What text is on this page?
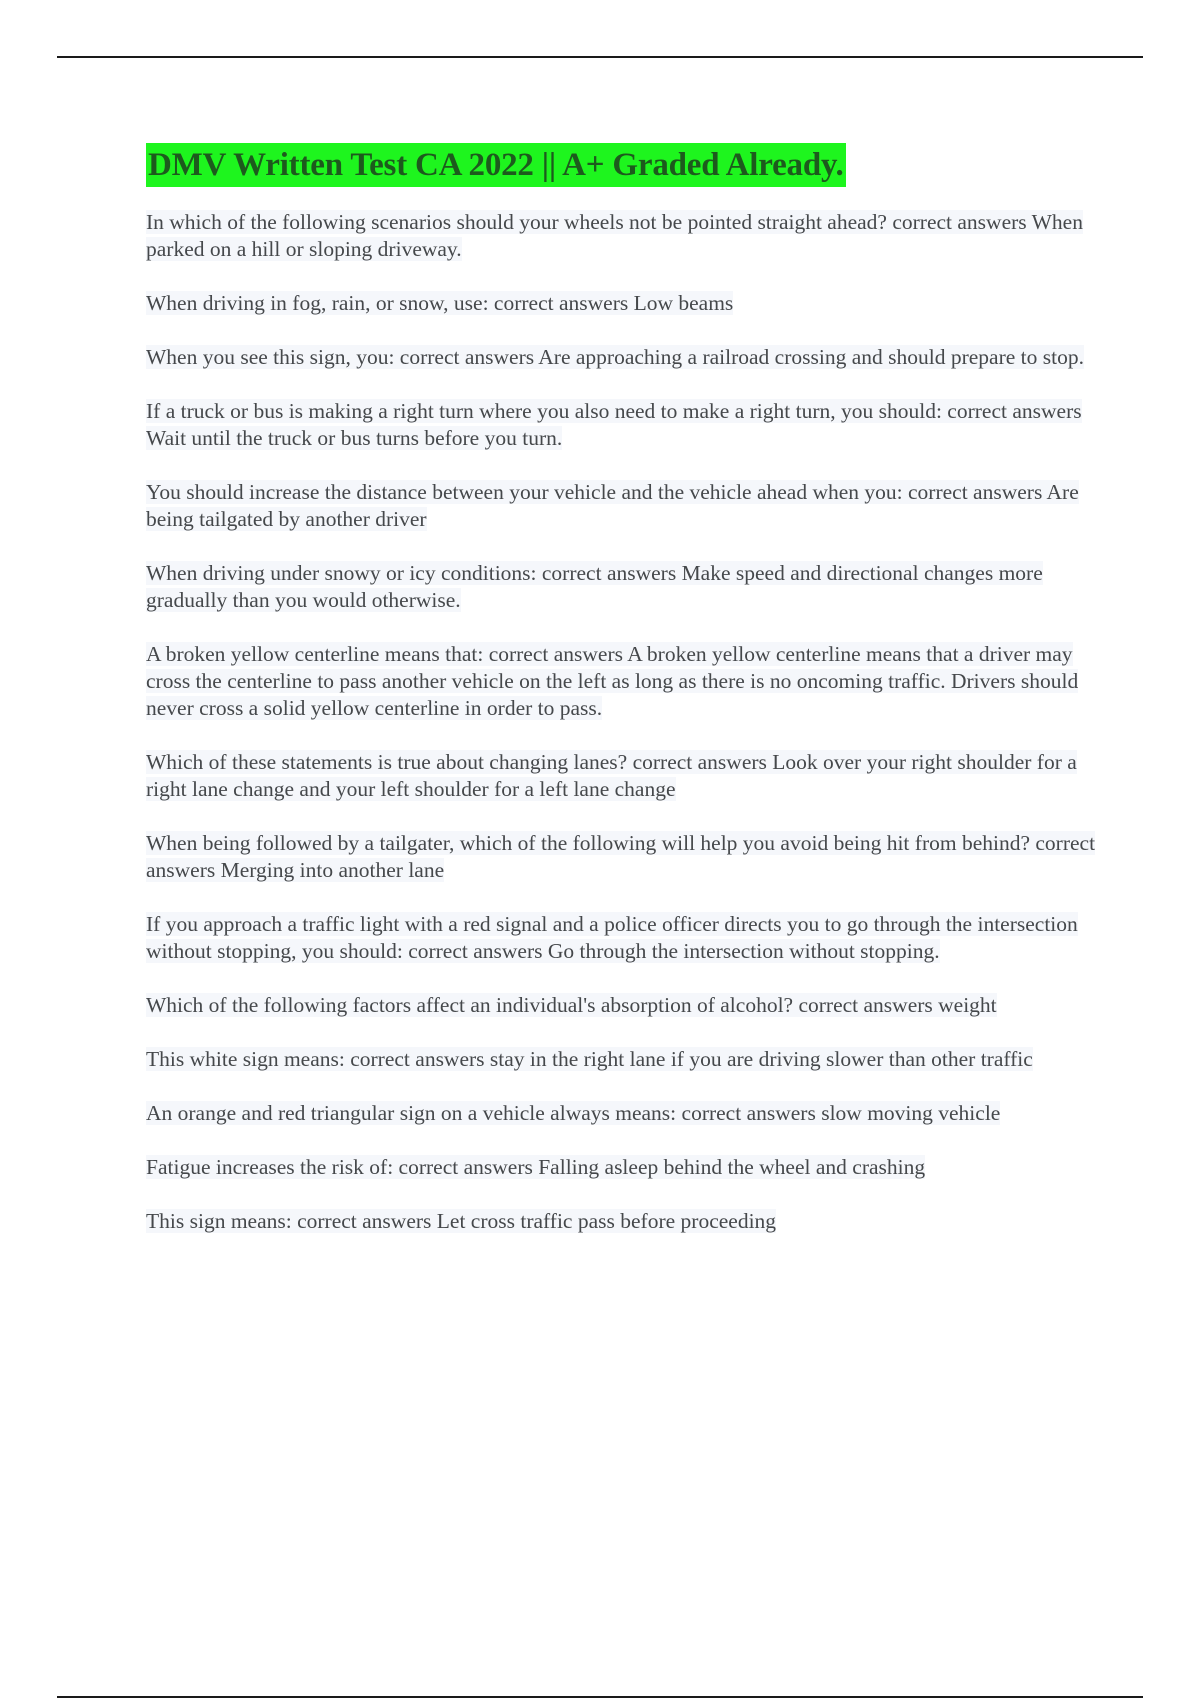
DMV Written Test CA 2022 || A+ Graded Already.

In which of the following scenarios should your wheels not be pointed straight ahead? correct answers When parked on a hill or sloping driveway.

When driving in fog, rain, or snow, use: correct answers Low beams

When you see this sign, you: correct answers Are approaching a railroad crossing and should prepare to stop.

If a truck or bus is making a right turn where you also need to make a right turn, you should: correct answers Wait until the truck or bus turns before you turn.

You should increase the distance between your vehicle and the vehicle ahead when you: correct answers Are being tailgated by another driver

When driving under snowy or icy conditions: correct answers Make speed and directional changes more gradually than you would otherwise.

A broken yellow centerline means that: correct answers A broken yellow centerline means that a driver may cross the centerline to pass another vehicle on the left as long as there is no oncoming traffic. Drivers should never cross a solid yellow centerline in order to pass.

Which of these statements is true about changing lanes? correct answers Look over your right shoulder for a right lane change and your left shoulder for a left lane change

When being followed by a tailgater, which of the following will help you avoid being hit from behind? correct answers Merging into another lane

If you approach a traffic light with a red signal and a police officer directs you to go through the intersection without stopping, you should: correct answers Go through the intersection without stopping.

Which of the following factors affect an individual's absorption of alcohol? correct answers weight

This white sign means: correct answers stay in the right lane if you are driving slower than other traffic

An orange and red triangular sign on a vehicle always means: correct answers slow moving vehicle

Fatigue increases the risk of: correct answers Falling asleep behind the wheel and crashing

This sign means: correct answers Let cross traffic pass before proceeding
